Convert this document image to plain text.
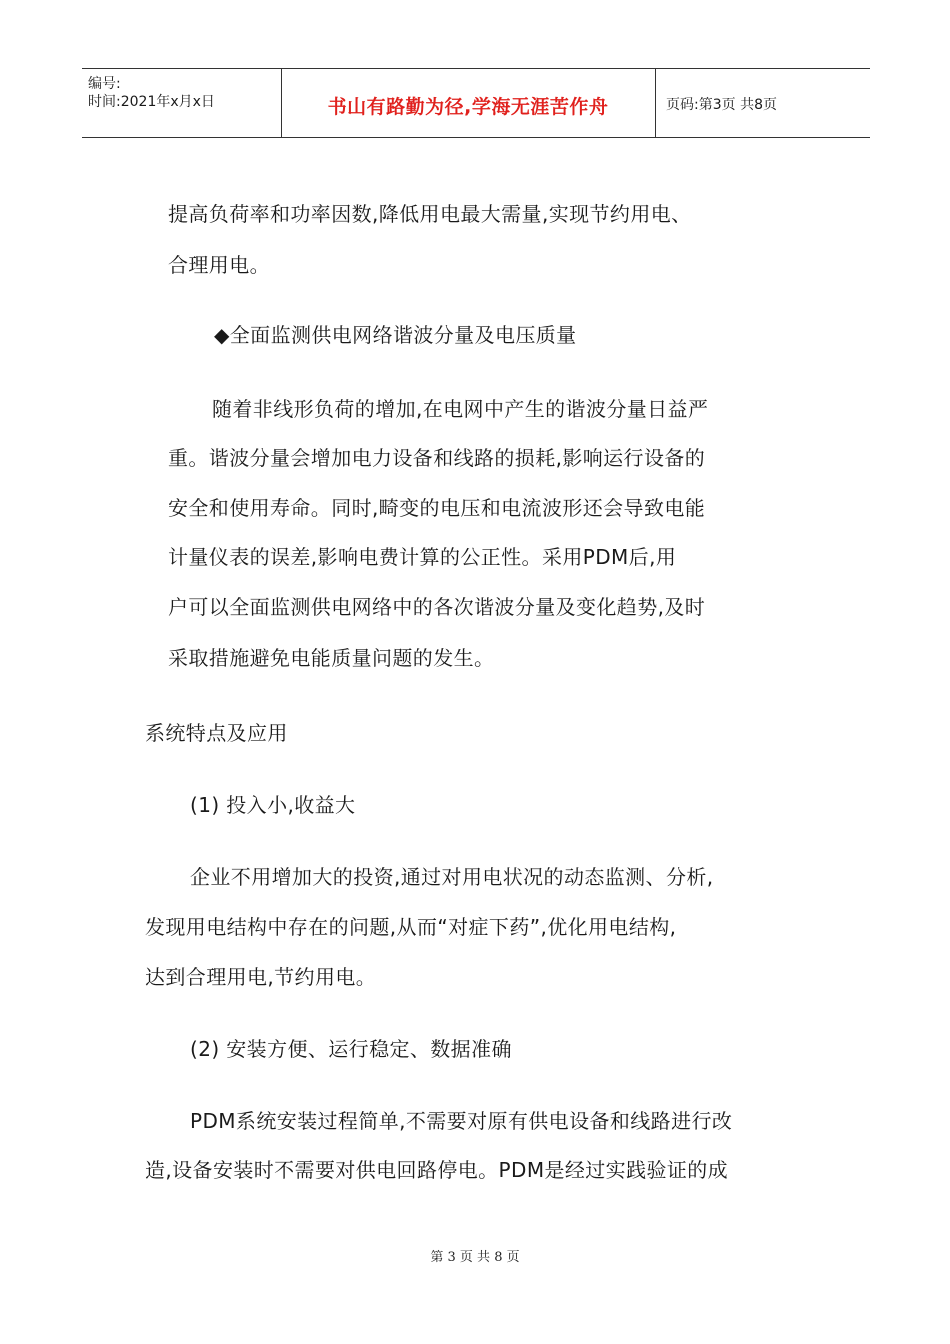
编号:
时间:2021年x月x日	书山有路勤为径,学海无涯苦作舟	页码:第3页 共8页
提高负荷率和功率因数,降低用电最大需量,实现节约用电、
合理用电。
◆全面监测供电网络谐波分量及电压质量
随着非线形负荷的增加,在电网中产生的谐波分量日益严
重。谐波分量会增加电力设备和线路的损耗,影响运行设备的
安全和使用寿命。同时,畸变的电压和电流波形还会导致电能
计量仪表的误差,影响电费计算的公正性。采用PDM后,用
户可以全面监测供电网络中的各次谐波分量及变化趋势,及时
采取措施避免电能质量问题的发生。
系统特点及应用
(1) 投入小,收益大
企业不用增加大的投资,通过对用电状况的动态监测、分析,
发现用电结构中存在的问题,从而“对症下药”,优化用电结构,
达到合理用电,节约用电。
(2) 安装方便、运行稳定、数据准确
PDM系统安装过程简单,不需要对原有供电设备和线路进行改
造,设备安装时不需要对供电回路停电。PDM是经过实践验证的成
第 3 页 共 8 页
